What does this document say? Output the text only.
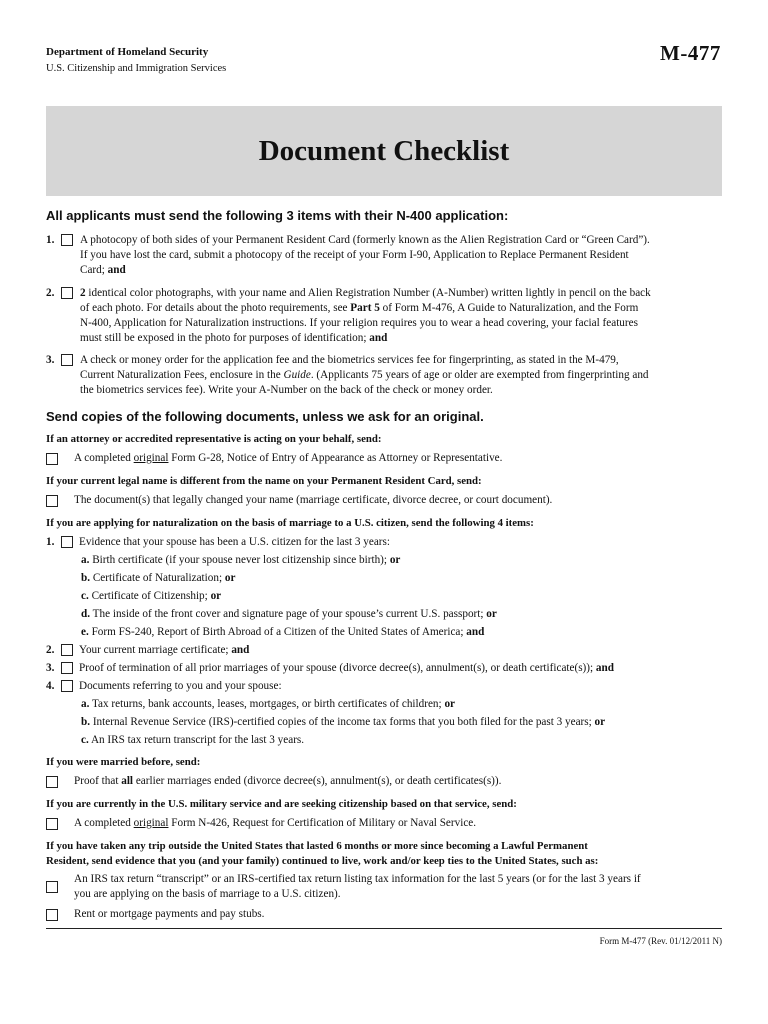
Department of Homeland Security
U.S. Citizenship and Immigration Services
M-477
Document Checklist
All applicants must send the following 3 items with their N-400 application:
1. A photocopy of both sides of your Permanent Resident Card (formerly known as the Alien Registration Card or “Green Card”).
If you have lost the card, submit a photocopy of the receipt of your Form I-90, Application to Replace Permanent Resident
Card; and
2. 2 identical color photographs, with your name and Alien Registration Number (A-Number) written lightly in pencil on the back
of each photo. For details about the photo requirements, see Part 5 of Form M-476, A Guide to Naturalization, and the Form
N-400, Application for Naturalization instructions. If your religion requires you to wear a head covering, your facial features
must still be exposed in the photo for purposes of identification; and
3. A check or money order for the application fee and the biometrics services fee for fingerprinting, as stated in the M-479,
Current Naturalization Fees, enclosure in the Guide. (Applicants 75 years of age or older are exempted from fingerprinting and
the biometrics services fee). Write your A-Number on the back of the check or money order.
Send copies of the following documents, unless we ask for an original.
If an attorney or accredited representative is acting on your behalf, send:
A completed original Form G-28, Notice of Entry of Appearance as Attorney or Representative.
If your current legal name is different from the name on your Permanent Resident Card, send:
The document(s) that legally changed your name (marriage certificate, divorce decree, or court document).
If you are applying for naturalization on the basis of marriage to a U.S. citizen, send the following 4 items:
1. Evidence that your spouse has been a U.S. citizen for the last 3 years:
a. Birth certificate (if your spouse never lost citizenship since birth); or
b. Certificate of Naturalization; or
c. Certificate of Citizenship; or
d. The inside of the front cover and signature page of your spouse’s current U.S. passport; or
e. Form FS-240, Report of Birth Abroad of a Citizen of the United States of America; and
2. Your current marriage certificate; and
3. Proof of termination of all prior marriages of your spouse (divorce decree(s), annulment(s), or death certificate(s)); and
4. Documents referring to you and your spouse:
a. Tax returns, bank accounts, leases, mortgages, or birth certificates of children; or
b. Internal Revenue Service (IRS)-certified copies of the income tax forms that you both filed for the past 3 years; or
c. An IRS tax return transcript for the last 3 years.
If you were married before, send:
Proof that all earlier marriages ended (divorce decree(s), annulment(s), or death certificates(s)).
If you are currently in the U.S. military service and are seeking citizenship based on that service, send:
A completed original Form N-426, Request for Certification of Military or Naval Service.
If you have taken any trip outside the United States that lasted 6 months or more since becoming a Lawful Permanent
Resident, send evidence that you (and your family) continued to live, work and/or keep ties to the United States, such as:
An IRS tax return “transcript” or an IRS-certified tax return listing tax information for the last 5 years (or for the last 3 years if
you are applying on the basis of marriage to a U.S. citizen).
Rent or mortgage payments and pay stubs.
Form M-477 (Rev. 01/12/2011 N)
